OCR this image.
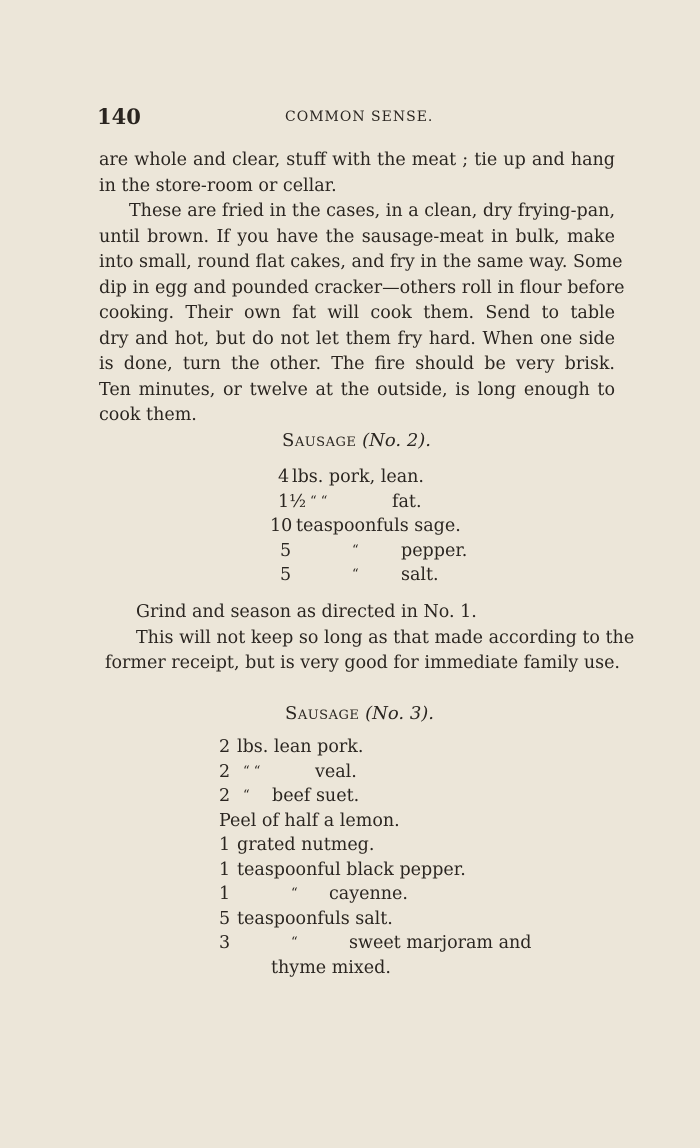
140	COMMON SENSE.
are whole and clear, stuff with the meat ; tie up and hang
in the store-room or cellar.
These are fried in the cases, in a clean, dry frying-pan,
until brown. If you have the sausage-meat in bulk, make
into small, round flat cakes, and fry in the same way. Some
dip in egg and pounded cracker—others roll in flour before
cooking. Their own fat will cook them. Send to table
dry and hot, but do not let them fry hard. When one side
is done, turn the other. The fire should be very brisk.
Ten minutes, or twelve at the outside, is long enough to
cook them.
Sausage (No. 2).
4 lbs. pork, lean.
1½ “ “	fat.
10 teaspoonfuls sage.
5	“ pepper.
5	“ salt.
Grind and season as directed in No. 1.
This will not keep so long as that made according to the
former receipt, but is very good for immediate family use.
Sausage (No. 3).
2 lbs. lean pork.
2 “ “	veal.
2 “ beef suet.
Peel of half a lemon.
1 grated nutmeg.
1 teaspoonful black pepper.
1	“ cayenne.
5 teaspoonfuls salt.
3	“	sweet marjoram and
thyme mixed.
